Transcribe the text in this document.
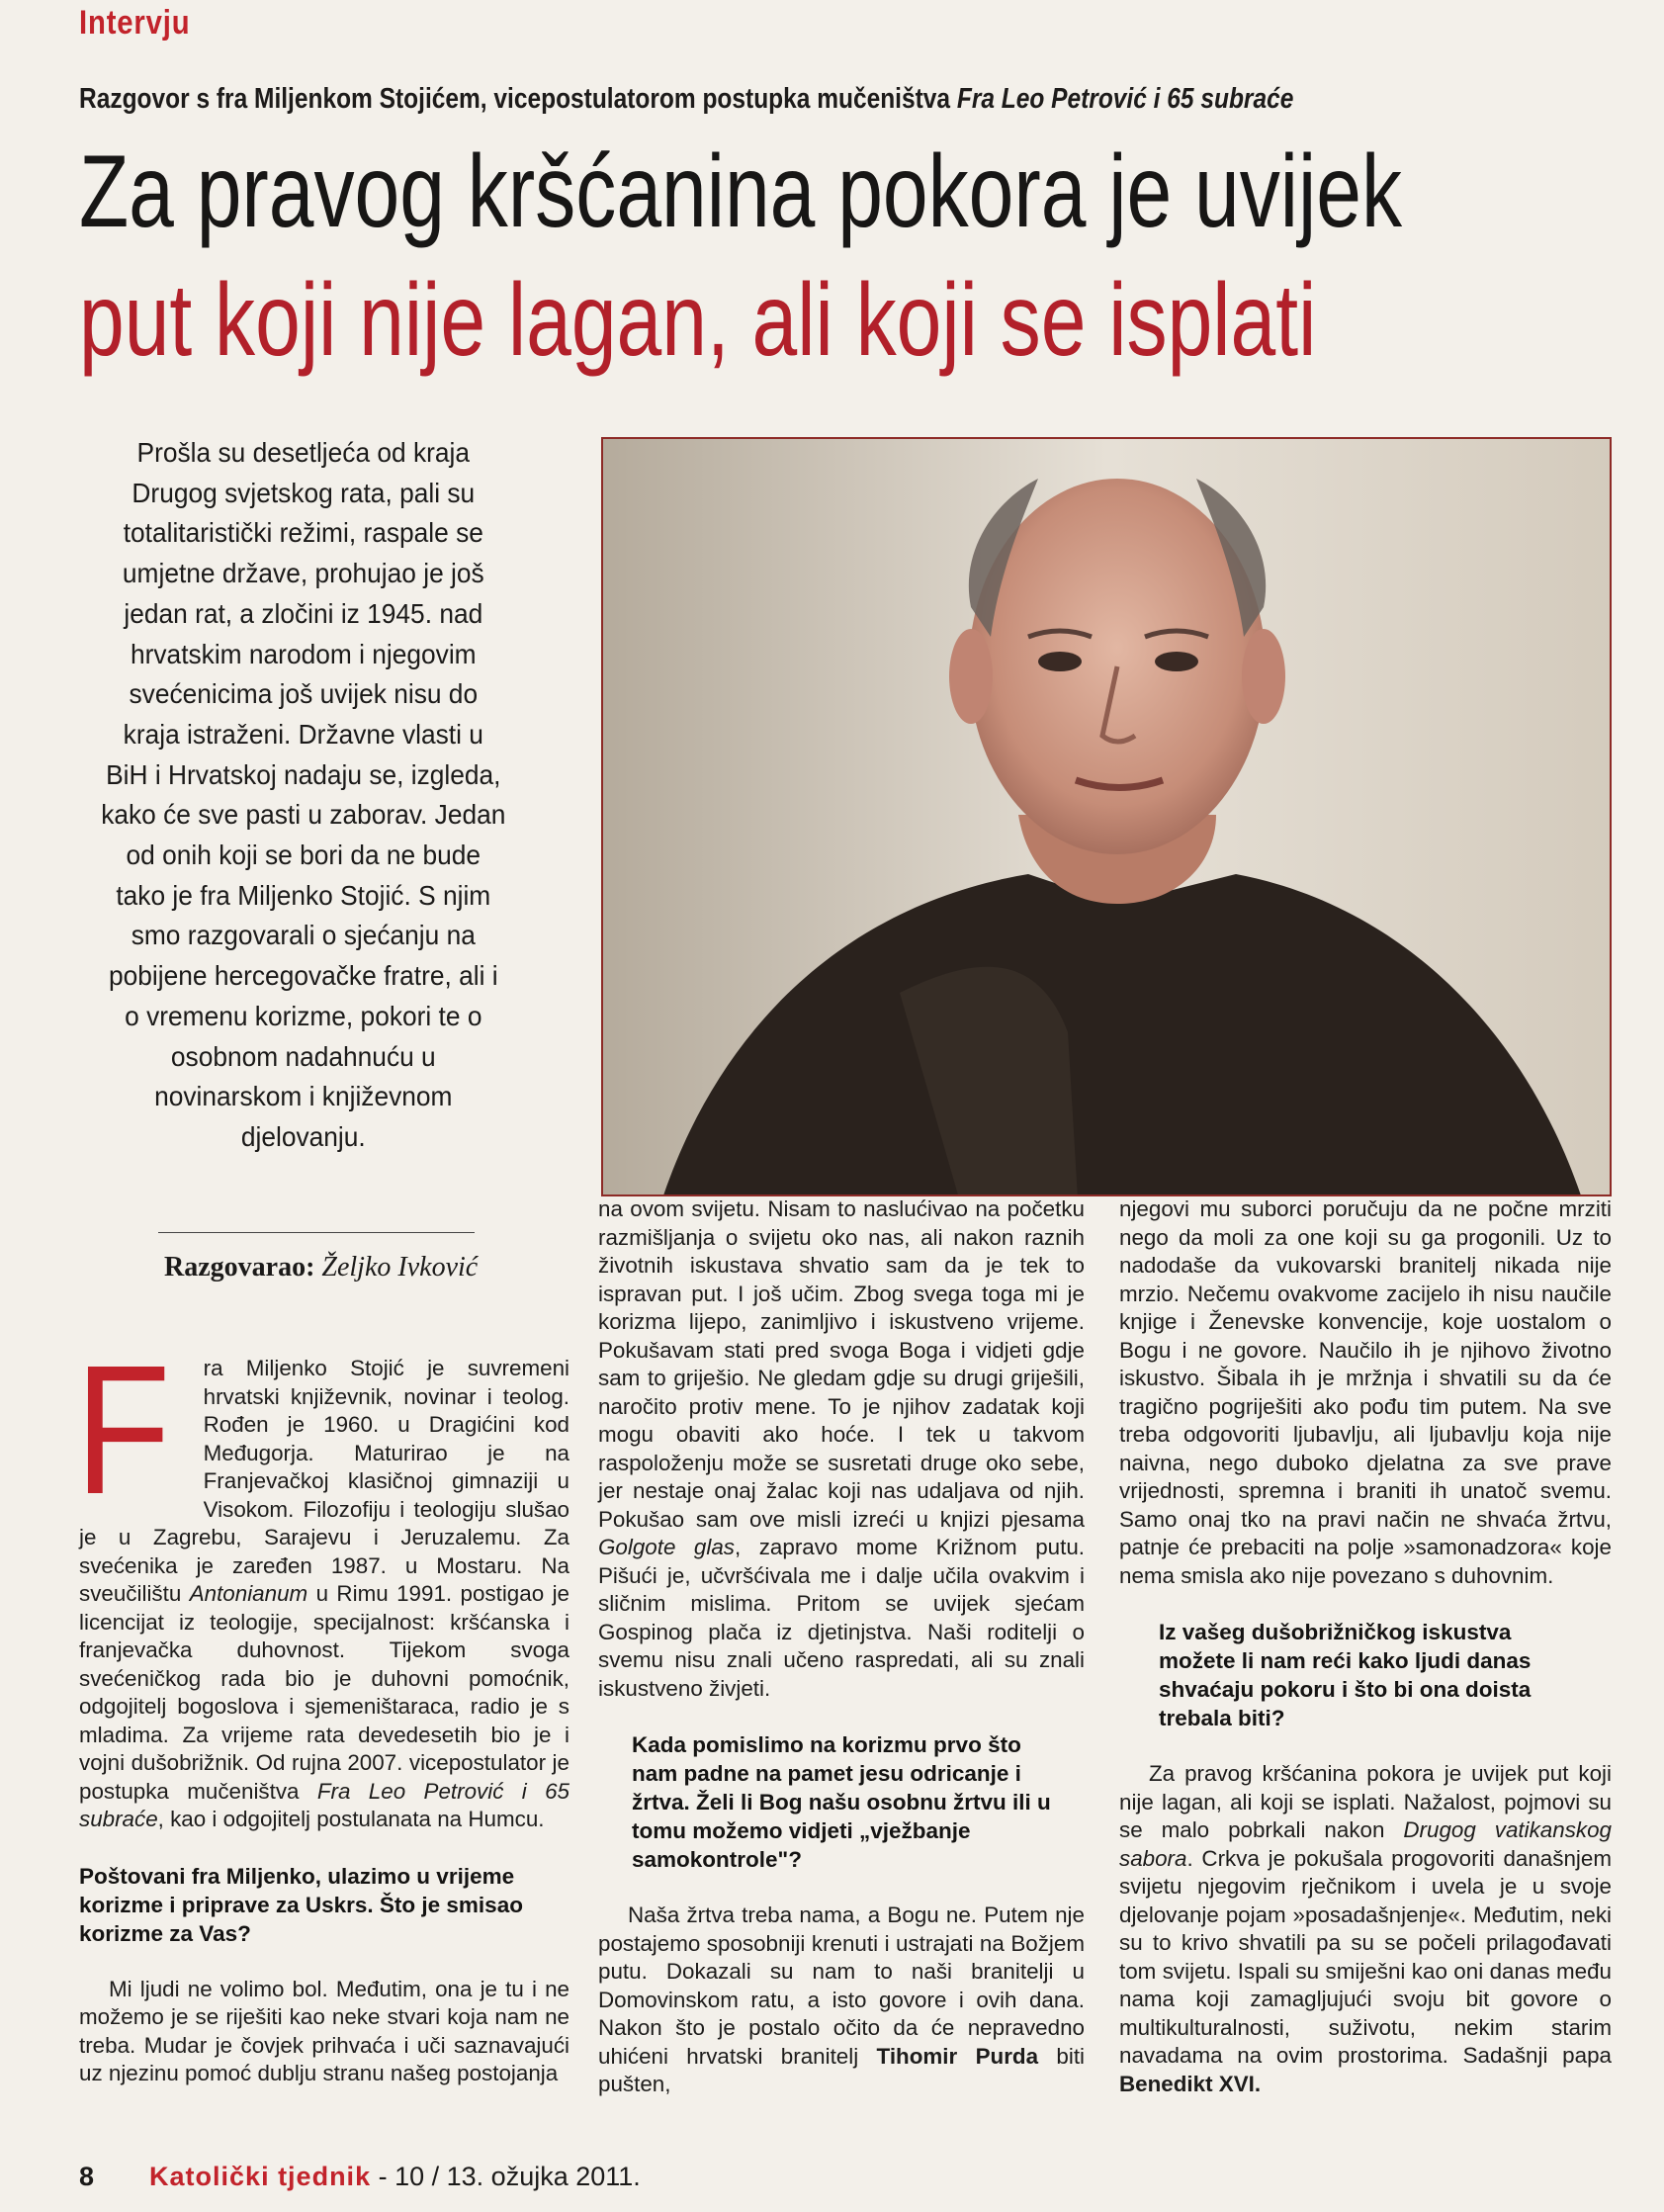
Intervju
Razgovor s fra Miljenkom Stojićem, vicepostulatorom postupka mučeništva Fra Leo Petrović i 65 subraće
Za pravog kršćanina pokora je uvijek
put koji nije lagan, ali koji se isplati
Prošla su desetljeća od kraja Drugog svjetskog rata, pali su totalitaristički režimi, raspale se umjetne države, prohujao je još jedan rat, a zločini iz 1945. nad hrvatskim narodom i njegovim svećenicima još uvijek nisu do kraja istraženi. Državne vlasti u BiH i Hrvatskoj nadaju se, izgleda, kako će sve pasti u zaborav. Jedan od onih koji se bori da ne bude tako je fra Miljenko Stojić. S njim smo razgovarali o sjećanju na pobijene hercegovačke fratre, ali i o vremenu korizme, pokori te o osobnom nadahnuću u novinarskom i književnom djelovanju.
Razgovarao: Željko Ivković

F ra Miljenko Stojić je suvremeni hrvatski književnik, novinar i teolog. Rođen je 1960. u Dragićini kod Međugorja. Maturirao je na Franjevačkoj klasičnoj gimnaziji u Visokom. Filozofiju i teologiju slušao je u Zagrebu, Sarajevu i Jeruzalemu. Za svećenika je zaređen 1987. u Mostaru. Na sveučilištu Antonianum u Rimu 1991. postigao je licencijat iz teologije, specijalnost: kršćanska i franjevačka duhovnost. Tijekom svoga svećeničkog rada bio je duhovni pomoćnik, odgojitelj bogoslova i sjemeništaraca, radio je s mladima. Za vrijeme rata devedesetih bio je i vojni dušobrižnik. Od rujna 2007. vicepostulator je postupka mučeništva Fra Leo Petrović i 65 subraće, kao i odgojitelj postulanata na Humcu.

Poštovani fra Miljenko, ulazimo u vrijeme korizme i priprave za Uskrs. Što je smisao korizme za Vas?

Mi ljudi ne volimo bol. Međutim, ona je tu i ne možemo je se riješiti kao neke stvari koja nam ne treba. Mudar je čovjek prihvaća i uči saznavajući uz njezinu pomoć dublju stranu našeg postojanja

na ovom svijetu. Nisam to naslućivao na početku razmišljanja o svijetu oko nas, ali nakon raznih životnih iskustava shvatio sam da je tek to ispravan put. I još učim. Zbog svega toga mi je korizma lijepo, zanimljivo i iskustveno vrijeme. Pokušavam stati pred svoga Boga i vidjeti gdje sam to griješio. Ne gledam gdje su drugi griješili, naročito protiv mene. To je njihov zadatak koji mogu obaviti ako hoće. I tek u takvom raspoloženju može se susretati druge oko sebe, jer nestaje onaj žalac koji nas udaljava od njih. Pokušao sam ove misli izreći u knjizi pjesama Golgote glas, zapravo mome Križnom putu. Pišući je, učvršćivala me i dalje učila ovakvim i sličnim mislima. Pritom se uvijek sjećam Gospinog plača iz djetinjstva. Naši roditelji o svemu nisu znali učeno raspredati, ali su znali iskustveno živjeti.

Kada pomislimo na korizmu prvo što nam padne na pamet jesu odricanje i žrtva. Želi li Bog našu osobnu žrtvu ili u tomu možemo vidjeti „vježbanje samokontrole"?

Naša žrtva treba nama, a Bogu ne. Putem nje postajemo sposobniji krenuti i ustrajati na Božjem putu. Dokazali su nam to naši branitelji u Domovinskom ratu, a isto govore i ovih dana. Nakon što je postalo očito da će nepravedno uhićeni hrvatski branitelj Tihomir Purda biti pušten,

njegovi mu suborci poručuju da ne počne mrziti nego da moli za one koji su ga progonili. Uz to nadodaše da vukovarski branitelj nikada nije mrzio. Nečemu ovakvome zacijelo ih nisu naučile knjige i Ženevske konvencije, koje uostalom o Bogu i ne govore. Naučilo ih je njihovo životno iskustvo. Šibala ih je mržnja i shvatili su da će tragično pogriješiti ako pođu tim putem. Na sve treba odgovoriti ljubavlju, ali ljubavlju koja nije naivna, nego duboko djelatna za sve prave vrijednosti, spremna i braniti ih unatoč svemu. Samo onaj tko na pravi način ne shvaća žrtvu, patnje će prebaciti na polje »samonadzora« koje nema smisla ako nije povezano s duhovnim.

Iz vašeg dušobrižničkog iskustva možete li nam reći kako ljudi danas shvaćaju pokoru i što bi ona doista trebala biti?

Za pravog kršćanina pokora je uvijek put koji nije lagan, ali koji se isplati. Nažalost, pojmovi su se malo pobrkali nakon Drugog vatikanskog sabora. Crkva je pokušala progovoriti današnjem svijetu njegovim rječnikom i uvela je u svoje djelovanje pojam »posadašnjenje«. Međutim, neki su to krivo shvatili pa su se počeli prilagođavati tom svijetu. Ispali su smiješni kao oni danas među nama koji zamagljujući svoju bit govore o multikulturalnosti, suživotu, nekim starim navadama na ovim prostorima. Sadašnji papa Benedikt XVI.

8 Katolički tjednik - 10 / 13. ožujka 2011.
